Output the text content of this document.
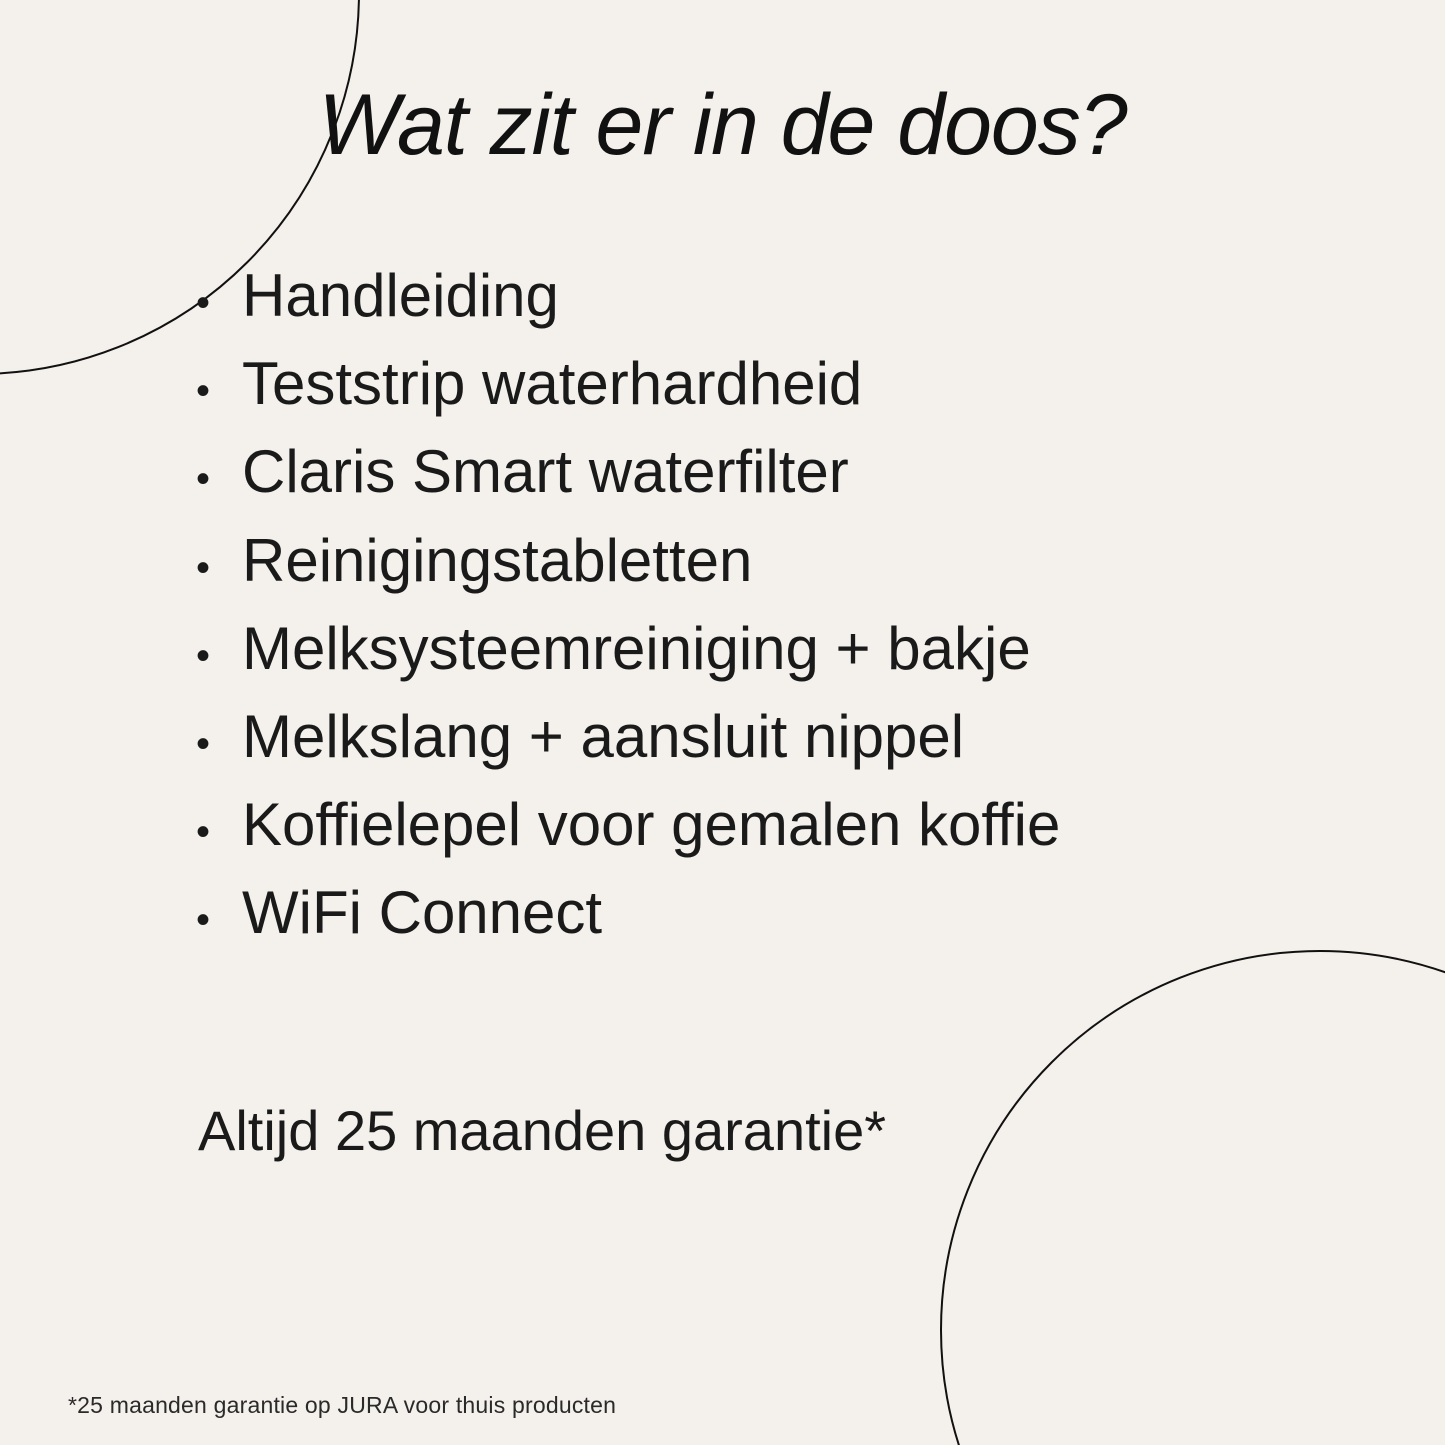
Wat zit er in de doos?
• Handleiding
• Teststrip waterhardheid
• Claris Smart waterfilter
• Reinigingstabletten
• Melksysteemreiniging + bakje
• Melkslang + aansluit nippel
• Koffielepel voor gemalen koffie
• WiFi Connect
Altijd 25 maanden garantie*
*25 maanden garantie op JURA voor thuis producten
